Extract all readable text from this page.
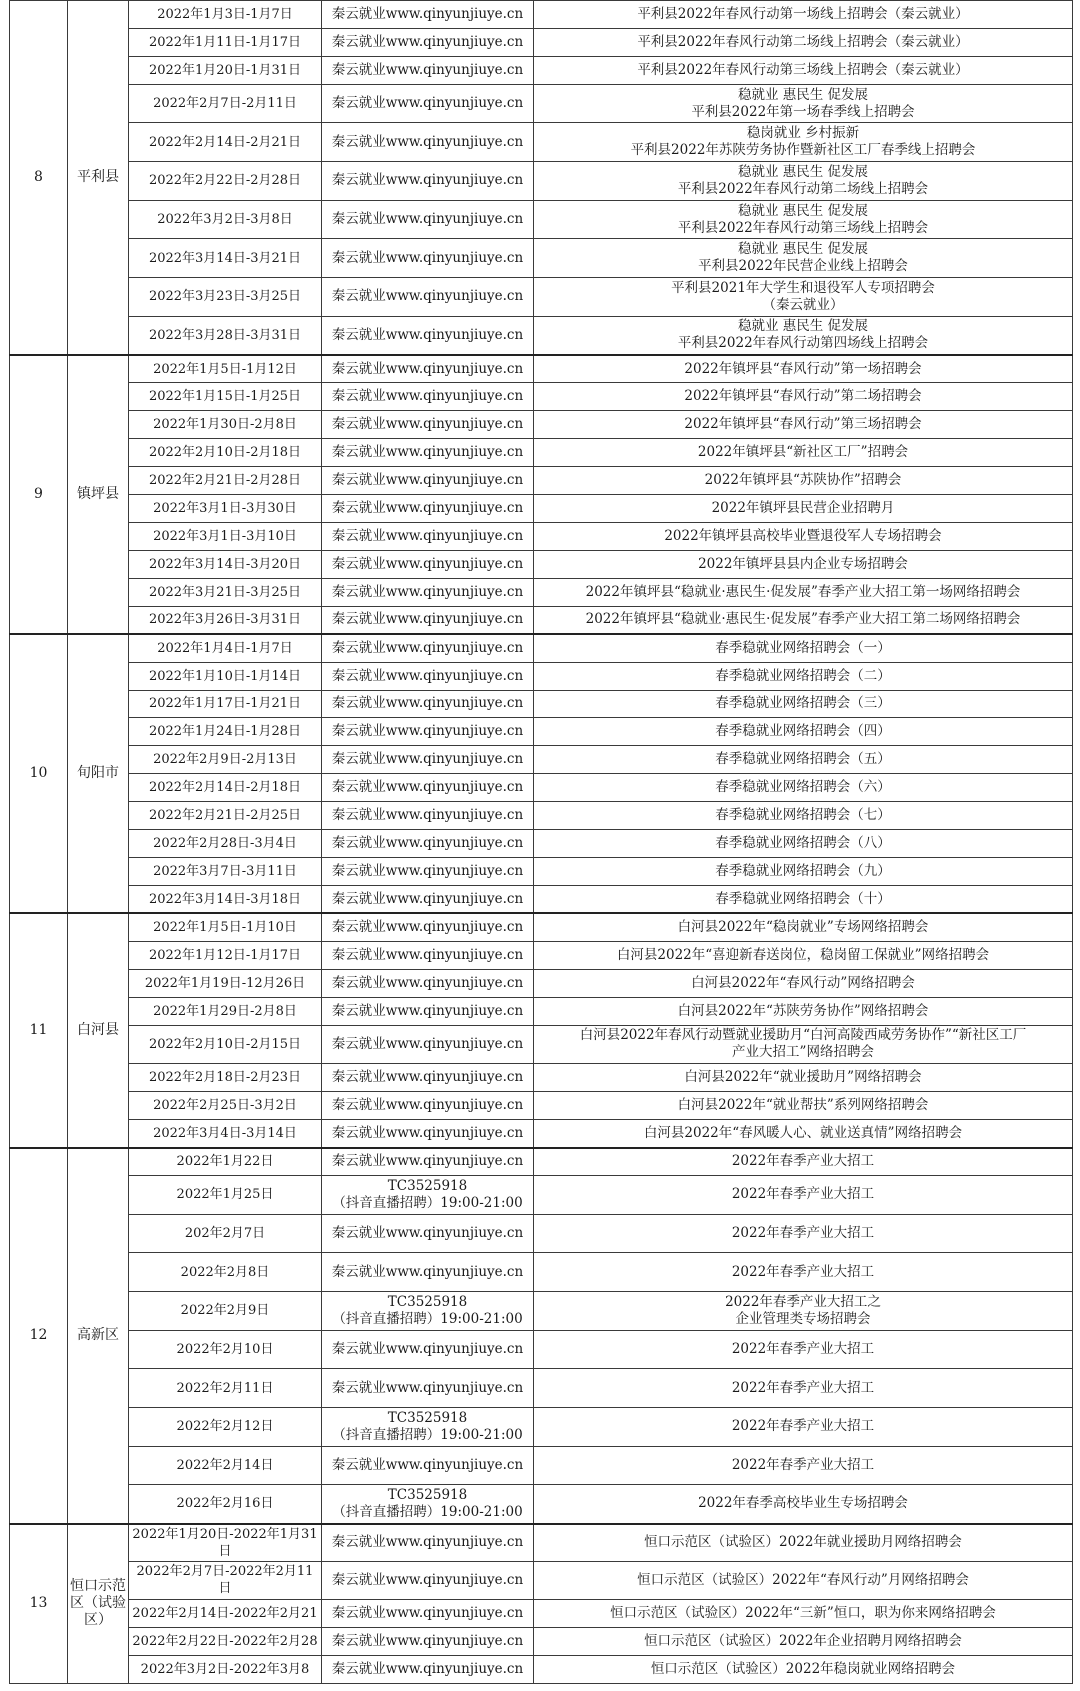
8	平利县	2022年1月3日-1月7日	秦云就业www.qinyunjiuye.cn	平利县2022年春风行动第一场线上招聘会（秦云就业）

		2022年1月11日-1月17日	秦云就业www.qinyunjiuye.cn	平利县2022年春风行动第二场线上招聘会（秦云就业）

		2022年1月20日-1月31日	秦云就业www.qinyunjiuye.cn	平利县2022年春风行动第三场线上招聘会（秦云就业）

		2022年2月7日-2月11日	秦云就业www.qinyunjiuye.cn	稳就业 惠民生 促发展
平利县2022年第一场春季线上招聘会

		2022年2月14日-2月21日	秦云就业www.qinyunjiuye.cn	稳岗就业 乡村振新
平利县2022年苏陕劳务协作暨新社区工厂春季线上招聘会

		2022年2月22日-2月28日	秦云就业www.qinyunjiuye.cn	稳就业 惠民生 促发展
平利县2022年春风行动第二场线上招聘会

		2022年3月2日-3月8日	秦云就业www.qinyunjiuye.cn	稳就业 惠民生 促发展
平利县2022年春风行动第三场线上招聘会

		2022年3月14日-3月21日	秦云就业www.qinyunjiuye.cn	稳就业 惠民生 促发展
平利县2022年民营企业线上招聘会

		2022年3月23日-3月25日	秦云就业www.qinyunjiuye.cn	平利县2021年大学生和退役军人专项招聘会
（秦云就业）

		2022年3月28日-3月31日	秦云就业www.qinyunjiuye.cn	稳就业 惠民生 促发展
平利县2022年春风行动第四场线上招聘会

9	镇坪县	2022年1月5日-1月12日	秦云就业www.qinyunjiuye.cn	2022年镇坪县“春风行动”第一场招聘会

		2022年1月15日-1月25日	秦云就业www.qinyunjiuye.cn	2022年镇坪县“春风行动”第二场招聘会

		2022年1月30日-2月8日	秦云就业www.qinyunjiuye.cn	2022年镇坪县“春风行动”第三场招聘会

		2022年2月10日-2月18日	秦云就业www.qinyunjiuye.cn	2022年镇坪县“新社区工厂”招聘会

		2022年2月21日-2月28日	秦云就业www.qinyunjiuye.cn	2022年镇坪县“苏陕协作”招聘会

		2022年3月1日-3月30日	秦云就业www.qinyunjiuye.cn	2022年镇坪县民营企业招聘月

		2022年3月1日-3月10日	秦云就业www.qinyunjiuye.cn	2022年镇坪县高校毕业暨退役军人专场招聘会

		2022年3月14日-3月20日	秦云就业www.qinyunjiuye.cn	2022年镇坪县县内企业专场招聘会

		2022年3月21日-3月25日	秦云就业www.qinyunjiuye.cn	2022年镇坪县“稳就业·惠民生·促发展”春季产业大招工第一场网络招聘会

		2022年3月26日-3月31日	秦云就业www.qinyunjiuye.cn	2022年镇坪县“稳就业·惠民生·促发展”春季产业大招工第二场网络招聘会

10	旬阳市	2022年1月4日-1月7日	秦云就业www.qinyunjiuye.cn	春季稳就业网络招聘会（一）

		2022年1月10日-1月14日	秦云就业www.qinyunjiuye.cn	春季稳就业网络招聘会（二）

		2022年1月17日-1月21日	秦云就业www.qinyunjiuye.cn	春季稳就业网络招聘会（三）

		2022年1月24日-1月28日	秦云就业www.qinyunjiuye.cn	春季稳就业网络招聘会（四）

		2022年2月9日-2月13日	秦云就业www.qinyunjiuye.cn	春季稳就业网络招聘会（五）

		2022年2月14日-2月18日	秦云就业www.qinyunjiuye.cn	春季稳就业网络招聘会（六）

		2022年2月21日-2月25日	秦云就业www.qinyunjiuye.cn	春季稳就业网络招聘会（七）

		2022年2月28日-3月4日	秦云就业www.qinyunjiuye.cn	春季稳就业网络招聘会（八）

		2022年3月7日-3月11日	秦云就业www.qinyunjiuye.cn	春季稳就业网络招聘会（九）

		2022年3月14日-3月18日	秦云就业www.qinyunjiuye.cn	春季稳就业网络招聘会（十）

11	白河县	2022年1月5日-1月10日	秦云就业www.qinyunjiuye.cn	白河县2022年“稳岗就业”专场网络招聘会

		2022年1月12日-1月17日	秦云就业www.qinyunjiuye.cn	白河县2022年“喜迎新春送岗位，稳岗留工保就业”网络招聘会

		2022年1月19日-12月26日	秦云就业www.qinyunjiuye.cn	白河县2022年“春风行动”网络招聘会

		2022年1月29日-2月8日	秦云就业www.qinyunjiuye.cn	白河县2022年“苏陕劳务协作”网络招聘会

		2022年2月10日-2月15日	秦云就业www.qinyunjiuye.cn	白河县2022年春风行动暨就业援助月“白河高陵西咸劳务协作”“新社区工厂
产业大招工”网络招聘会

		2022年2月18日-2月23日	秦云就业www.qinyunjiuye.cn	白河县2022年“就业援助月”网络招聘会

		2022年2月25日-3月2日	秦云就业www.qinyunjiuye.cn	白河县2022年“就业帮扶”系列网络招聘会

		2022年3月4日-3月14日	秦云就业www.qinyunjiuye.cn	白河县2022年“春风暖人心、就业送真情”网络招聘会

12	高新区	2022年1月22日	秦云就业www.qinyunjiuye.cn	2022年春季产业大招工

		2022年1月25日	TC3525918
（抖音直播招聘）19:00-21:00	2022年春季产业大招工

		202年2月7日	秦云就业www.qinyunjiuye.cn	2022年春季产业大招工

		2022年2月8日	秦云就业www.qinyunjiuye.cn	2022年春季产业大招工

		2022年2月9日	TC3525918
（抖音直播招聘）19:00-21:00	2022年春季产业大招工之
企业管理类专场招聘会

		2022年2月10日	秦云就业www.qinyunjiuye.cn	2022年春季产业大招工

		2022年2月11日	秦云就业www.qinyunjiuye.cn	2022年春季产业大招工

		2022年2月12日	TC3525918
（抖音直播招聘）19:00-21:00	2022年春季产业大招工

		2022年2月14日	秦云就业www.qinyunjiuye.cn	2022年春季产业大招工

		2022年2月16日	TC3525918
（抖音直播招聘）19:00-21:00	2022年春季高校毕业生专场招聘会

13	恒口示范区（试验区）	2022年1月20日-2022年1月31日	秦云就业www.qinyunjiuye.cn	恒口示范区（试验区）2022年就业援助月网络招聘会

		2022年2月7日-2022年2月11日	秦云就业www.qinyunjiuye.cn	恒口示范区（试验区）2022年“春风行动”月网络招聘会

		2022年2月14日-2022年2月21	秦云就业www.qinyunjiuye.cn	恒口示范区（试验区）2022年“三新”恒口，职为你来网络招聘会

		2022年2月22日-2022年2月28	秦云就业www.qinyunjiuye.cn	恒口示范区（试验区）2022年企业招聘月网络招聘会

		2022年3月2日-2022年3月8	秦云就业www.qinyunjiuye.cn	恒口示范区（试验区）2022年稳岗就业网络招聘会
